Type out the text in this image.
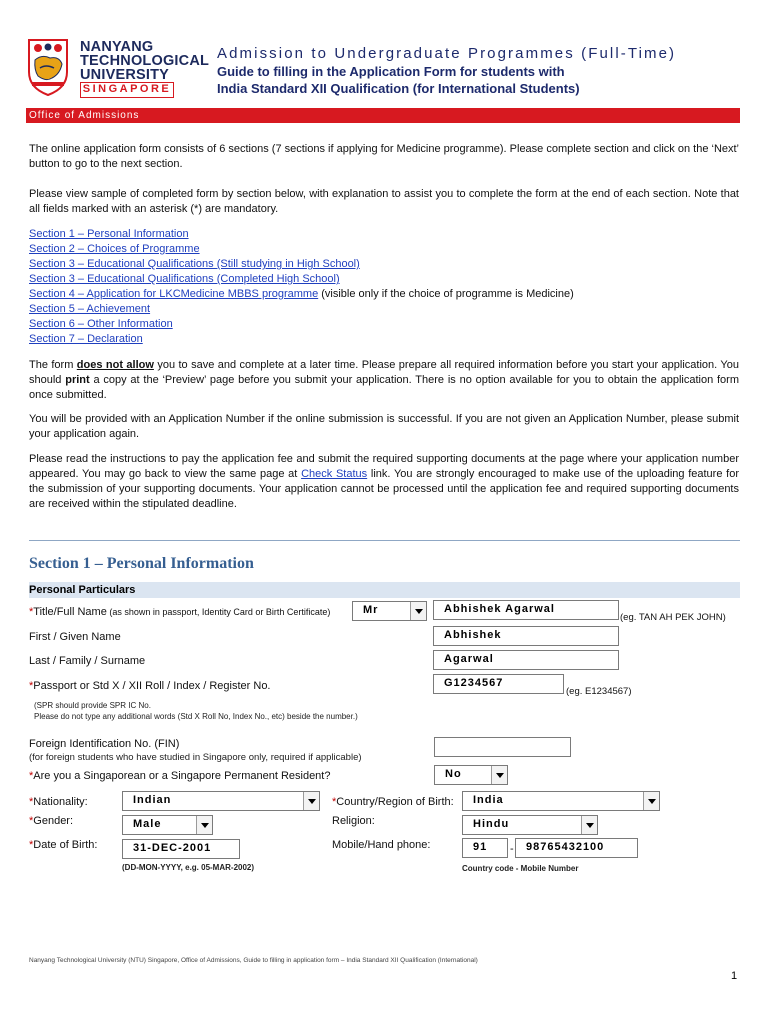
NANYANG
TECHNOLOGICAL
UNIVERSITY
SINGAPORE
Admission to Undergraduate Programmes (Full-Time)
Guide to filling in the Application Form for students with
India Standard XII Qualification (for International Students)
Office of Admissions
The online application form consists of 6 sections (7 sections if applying for Medicine programme). Please complete section and click on the ‘Next’ button to go to the next section.
Please view sample of completed form by section below, with explanation to assist you to complete the form at the end of each section. Note that all fields marked with an asterisk (*) are mandatory.
Section 1 – Personal Information
Section 2 – Choices of Programme
Section 3 – Educational Qualifications (Still studying in High School)
Section 3 – Educational Qualifications (Completed High School)
Section 4 – Application for LKCMedicine MBBS programme (visible only if the choice of programme is Medicine)
Section 5 – Achievement
Section 6 – Other Information
Section 7 – Declaration
The form does not allow you to save and complete at a later time. Please prepare all required information before you start your application. You should print a copy at the ‘Preview’ page before you submit your application. There is no option available for you to obtain the application form once submitted.
You will be provided with an Application Number if the online submission is successful. If you are not given an Application Number, please submit your application again.
Please read the instructions to pay the application fee and submit the required supporting documents at the page where your application number appeared. You may go back to view the same page at Check Status link. You are strongly encouraged to make use of the uploading feature for the submission of your supporting documents. Your application cannot be processed until the application fee and required supporting documents are received within the stipulated deadline.
Section 1 – Personal Information
Personal Particulars
*Title/Full Name (as shown in passport, Identity Card or Birth Certificate)	Mr	Abhishek Agarwal
(eg. TAN AH PEK JOHN)
First / Given Name	Abhishek
Last / Family / Surname	Agarwal
*Passport or Std X / XII Roll / Index / Register No.	G1234567
(eg. E1234567)
(SPR should provide SPR IC No.
Please do not type any additional words (Std X Roll No, Index No., etc) beside the number.)
Foreign Identification No. (FIN)
(for foreign students who have studied in Singapore only, required if applicable)
*Are you a Singaporean or a Singapore Permanent Resident?	No
*Nationality:	Indian	*Country/Region of Birth:	India
*Gender:	Male	Religion:	Hindu
*Date of Birth:	31-DEC-2001
(DD-MON-YYYY, e.g. 05-MAR-2002)
Mobile/Hand phone:	91	-	98765432100
Country code - Mobile Number
Nanyang Technological University (NTU) Singapore, Office of Admissions, Guide to filling in application form – India Standard XII Qualification (International)
1
